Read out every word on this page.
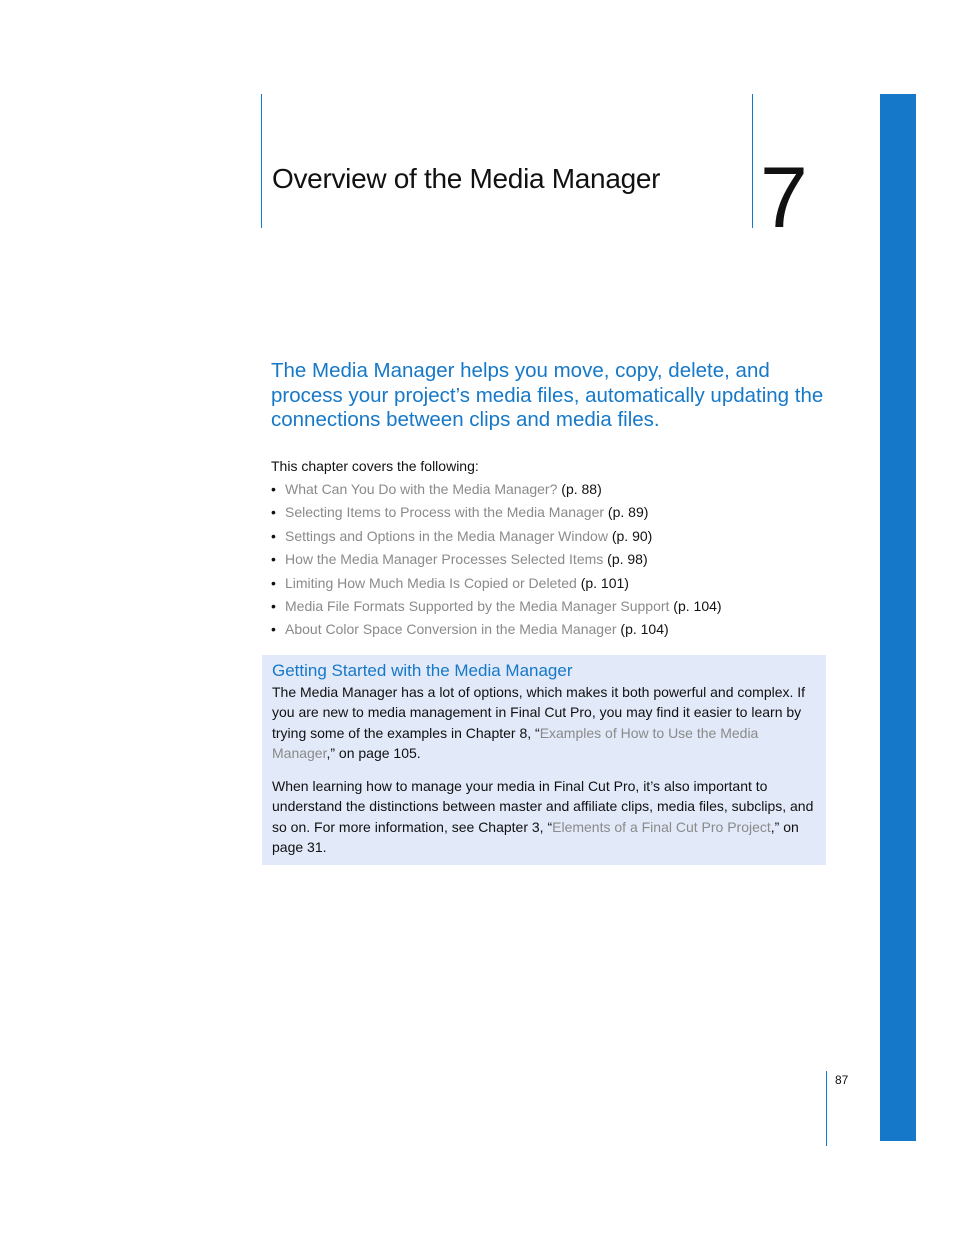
Overview of the Media Manager 7
The Media Manager helps you move, copy, delete, and process your project’s media files, automatically updating the connections between clips and media files.
This chapter covers the following:
• What Can You Do with the Media Manager? (p. 88)
• Selecting Items to Process with the Media Manager (p. 89)
• Settings and Options in the Media Manager Window (p. 90)
• How the Media Manager Processes Selected Items (p. 98)
• Limiting How Much Media Is Copied or Deleted (p. 101)
• Media File Formats Supported by the Media Manager Support (p. 104)
• About Color Space Conversion in the Media Manager (p. 104)
Getting Started with the Media Manager

The Media Manager has a lot of options, which makes it both powerful and complex. If you are new to media management in Final Cut Pro, you may find it easier to learn by trying some of the examples in Chapter 8, “Examples of How to Use the Media Manager,” on page 105.

When learning how to manage your media in Final Cut Pro, it’s also important to understand the distinctions between master and affiliate clips, media files, subclips, and so on. For more information, see Chapter 3, “Elements of a Final Cut Pro Project,” on page 31.

87
